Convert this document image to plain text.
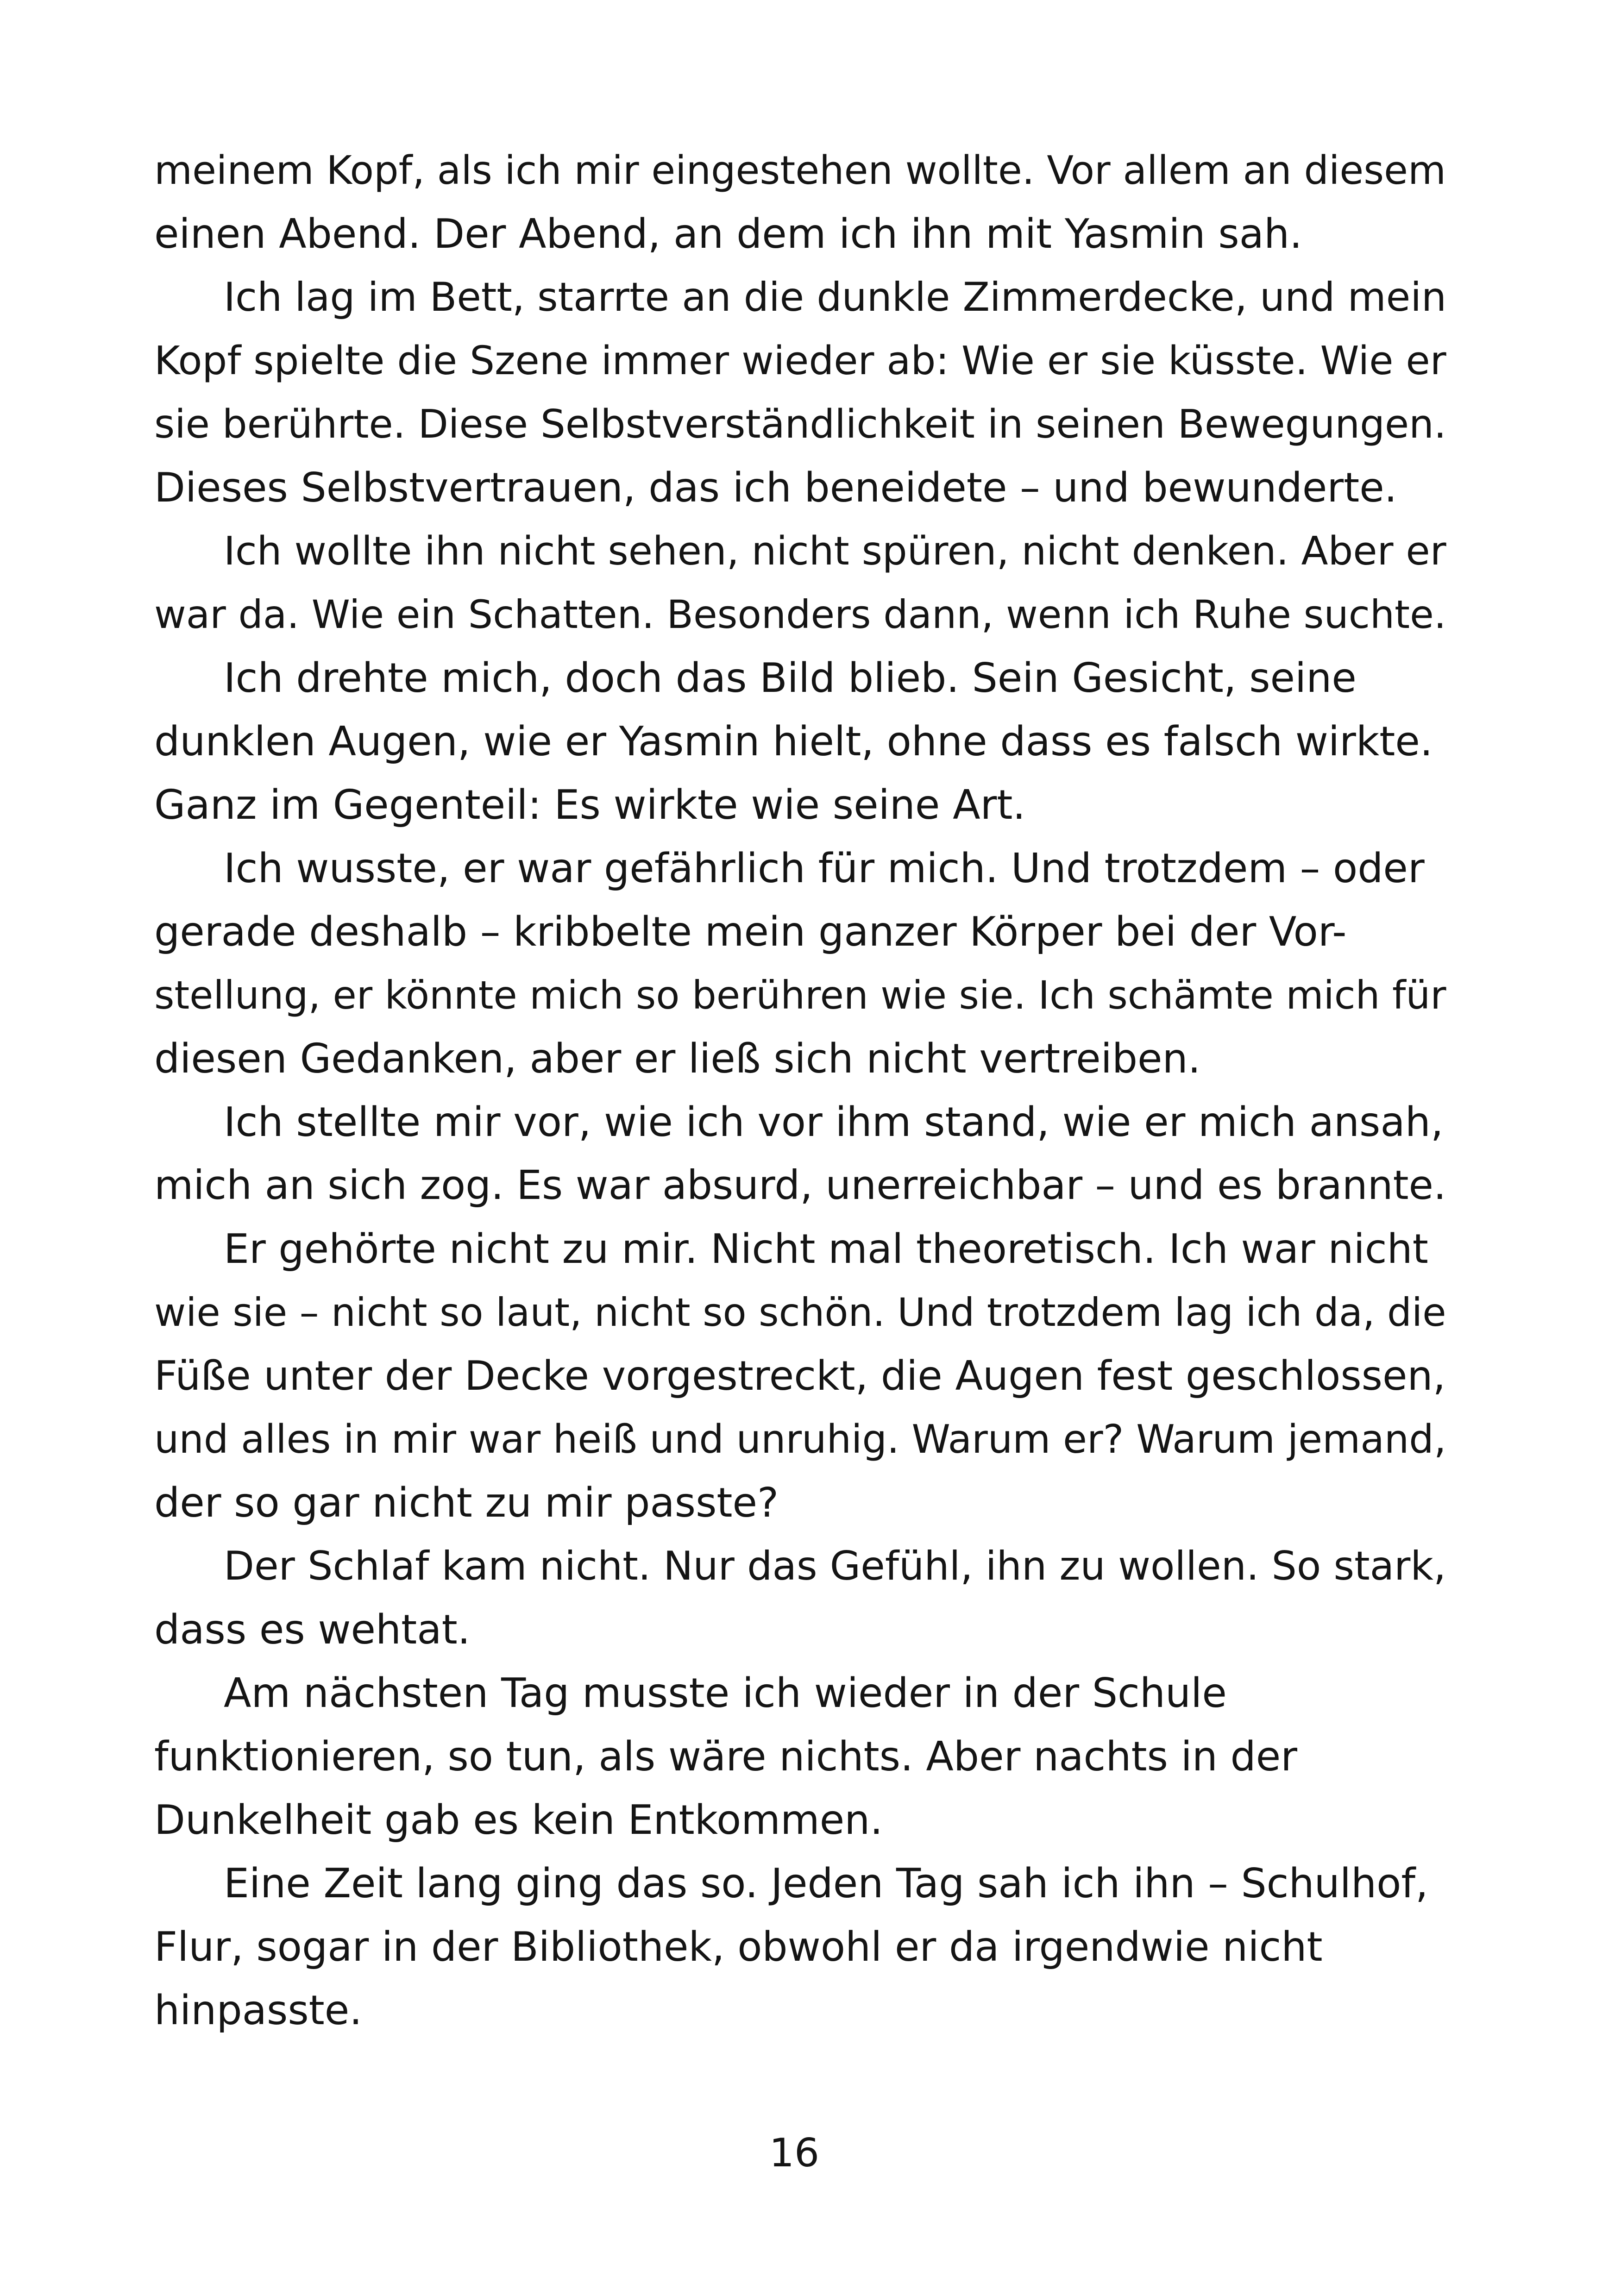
meinem Kopf, als ich mir eingestehen wollte. Vor allem an diesem
einen Abend. Der Abend, an dem ich ihn mit Yasmin sah.
Ich lag im Bett, starrte an die dunkle Zimmerdecke, und mein
Kopf spielte die Szene immer wieder ab: Wie er sie küsste. Wie er
sie berührte. Diese Selbstverständlichkeit in seinen Bewegungen.
Dieses Selbstvertrauen, das ich beneidete – und bewunderte.
Ich wollte ihn nicht sehen, nicht spüren, nicht denken. Aber er
war da. Wie ein Schatten. Besonders dann, wenn ich Ruhe suchte.
Ich drehte mich, doch das Bild blieb. Sein Gesicht, seine
dunklen Augen, wie er Yasmin hielt, ohne dass es falsch wirkte.
Ganz im Gegenteil: Es wirkte wie seine Art.
Ich wusste, er war gefährlich für mich. Und trotzdem – oder
gerade deshalb – kribbelte mein ganzer Körper bei der Vor-
stellung, er könnte mich so berühren wie sie. Ich schämte mich für
diesen Gedanken, aber er ließ sich nicht vertreiben.
Ich stellte mir vor, wie ich vor ihm stand, wie er mich ansah,
mich an sich zog. Es war absurd, unerreichbar – und es brannte.
Er gehörte nicht zu mir. Nicht mal theoretisch. Ich war nicht
wie sie – nicht so laut, nicht so schön. Und trotzdem lag ich da, die
Füße unter der Decke vorgestreckt, die Augen fest geschlossen,
und alles in mir war heiß und unruhig. Warum er? Warum jemand,
der so gar nicht zu mir passte?
Der Schlaf kam nicht. Nur das Gefühl, ihn zu wollen. So stark,
dass es wehtat.
Am nächsten Tag musste ich wieder in der Schule
funktionieren, so tun, als wäre nichts. Aber nachts in der
Dunkelheit gab es kein Entkommen.
Eine Zeit lang ging das so. Jeden Tag sah ich ihn – Schulhof,
Flur, sogar in der Bibliothek, obwohl er da irgendwie nicht
hinpasste.
16
